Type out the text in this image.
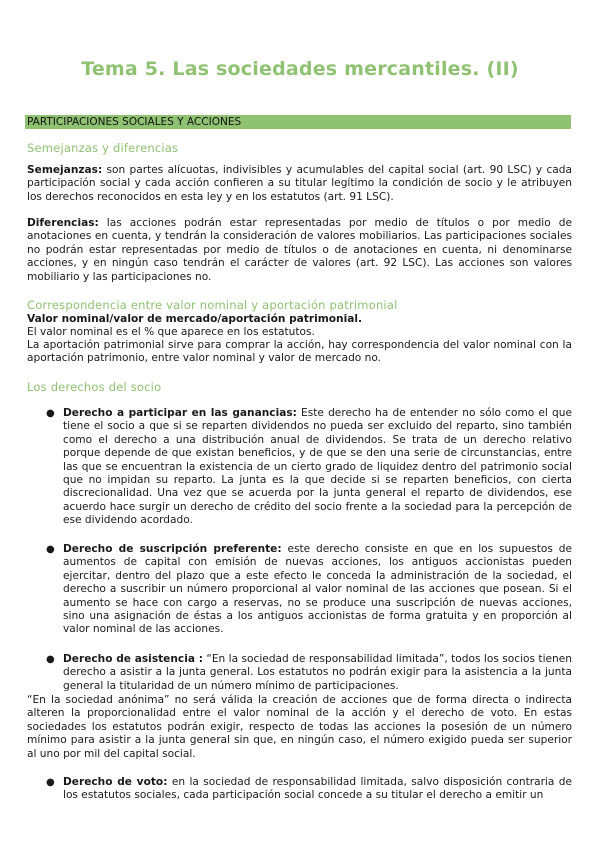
Tema 5. Las sociedades mercantiles. (II)
PARTICIPACIONES SOCIALES Y ACCIONES
Semejanzas y diferencias

Semejanzas: son partes alícuotas, indivisibles y acumulables del capital social (art. 90 LSC) y cada participación social y cada acción confieren a su titular legítimo la condición de socio y le atribuyen los derechos reconocidos en esta ley y en los estatutos (art. 91 LSC).

Diferencias: las acciones podrán estar representadas por medio de títulos o por medio de anotaciones en cuenta, y tendrán la consideración de valores mobiliarios. Las participaciones sociales no podrán estar representadas por medio de títulos o de anotaciones en cuenta, ni denominarse acciones, y en ningún caso tendrán el carácter de valores (art. 92 LSC). Las acciones son valores mobiliario y las participaciones no.

Correspondencia entre valor nominal y aportación patrimonial
Valor nominal/valor de mercado/aportación patrimonial.
El valor nominal es el % que aparece en los estatutos.

La aportación patrimonial sirve para comprar la acción, hay correspondencia del valor nominal con la aportación patrimonio, entre valor nominal y valor de mercado no.

Los derechos del socio
● Derecho a participar en las ganancias: Este derecho ha de entender no sólo como el que tiene el socio a que si se reparten dividendos no pueda ser excluido del reparto, sino también como el derecho a una distribución anual de dividendos. Se trata de un derecho relativo porque depende de que existan beneficios, y de que se den una serie de circunstancias, entre las que se encuentran la existencia de un cierto grado de liquidez dentro del patrimonio social que no impidan su reparto. La junta es la que decide si se reparten beneficios, con cierta discrecionalidad. Una vez que se acuerda por la junta general el reparto de dividendos, ese acuerdo hace surgir un derecho de crédito del socio frente a la sociedad para la percepción de ese dividendo acordado.

● Derecho de suscripción preferente: este derecho consiste en que en los supuestos de aumentos de capital con emisión de nuevas acciones, los antiguos accionistas pueden ejercitar, dentro del plazo que a este efecto le conceda la administración de la sociedad, el derecho a suscribir un número proporcional al valor nominal de las acciones que posean. Si el aumento se hace con cargo a reservas, no se produce una suscripción de nuevas acciones, sino una asignación de éstas a los antiguos accionistas de forma gratuita y en proporción al valor nominal de las acciones.

● Derecho de asistencia : “En la sociedad de responsabilidad limitada”, todos los socios tienen derecho a asistir a la junta general. Los estatutos no podrán exigir para la asistencia a la junta general la titularidad de un número mínimo de participaciones.

“En la sociedad anónima” no será válida la creación de acciones que de forma directa o indirecta alteren la proporcionalidad entre el valor nominal de la acción y el derecho de voto. En estas sociedades los estatutos podrán exigir, respecto de todas las acciones la posesión de un número mínimo para asistir a la junta general sin que, en ningún caso, el número exigido pueda ser superior al uno por mil del capital social.

● Derecho de voto: en la sociedad de responsabilidad limitada, salvo disposición contraria de los estatutos sociales, cada participación social concede a su titular el derecho a emitir un
